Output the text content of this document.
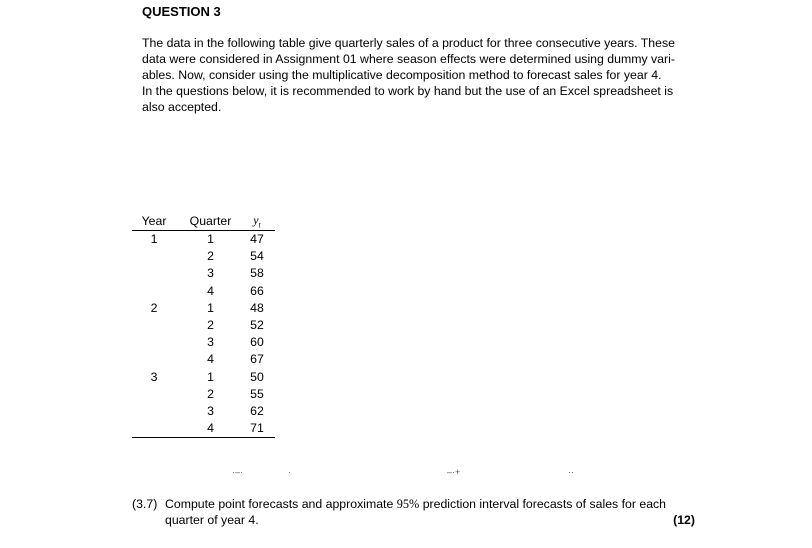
QUESTION 3
The data in the following table give quarterly sales of a product for three consecutive years. These
data were considered in Assignment 01 where season effects were determined using dummy vari-
ables. Now, consider using the multiplicative decomposition method to forecast sales for year 4.
In the questions below, it is recommended to work by hand but the use of an Excel spreadsheet is
also accepted.
Year	Quarter	$y_t$
1	1	47
	2	54
	3	58
	4	66
2	1	48
	2	52
	3	60
	4	67
3	1	50
	2	55
	3	62
	4	71
·–·	·	–·+	··
(3.7) Compute point forecasts and approximate 95% prediction interval forecasts of sales for each
quarter of year 4.	(12)
